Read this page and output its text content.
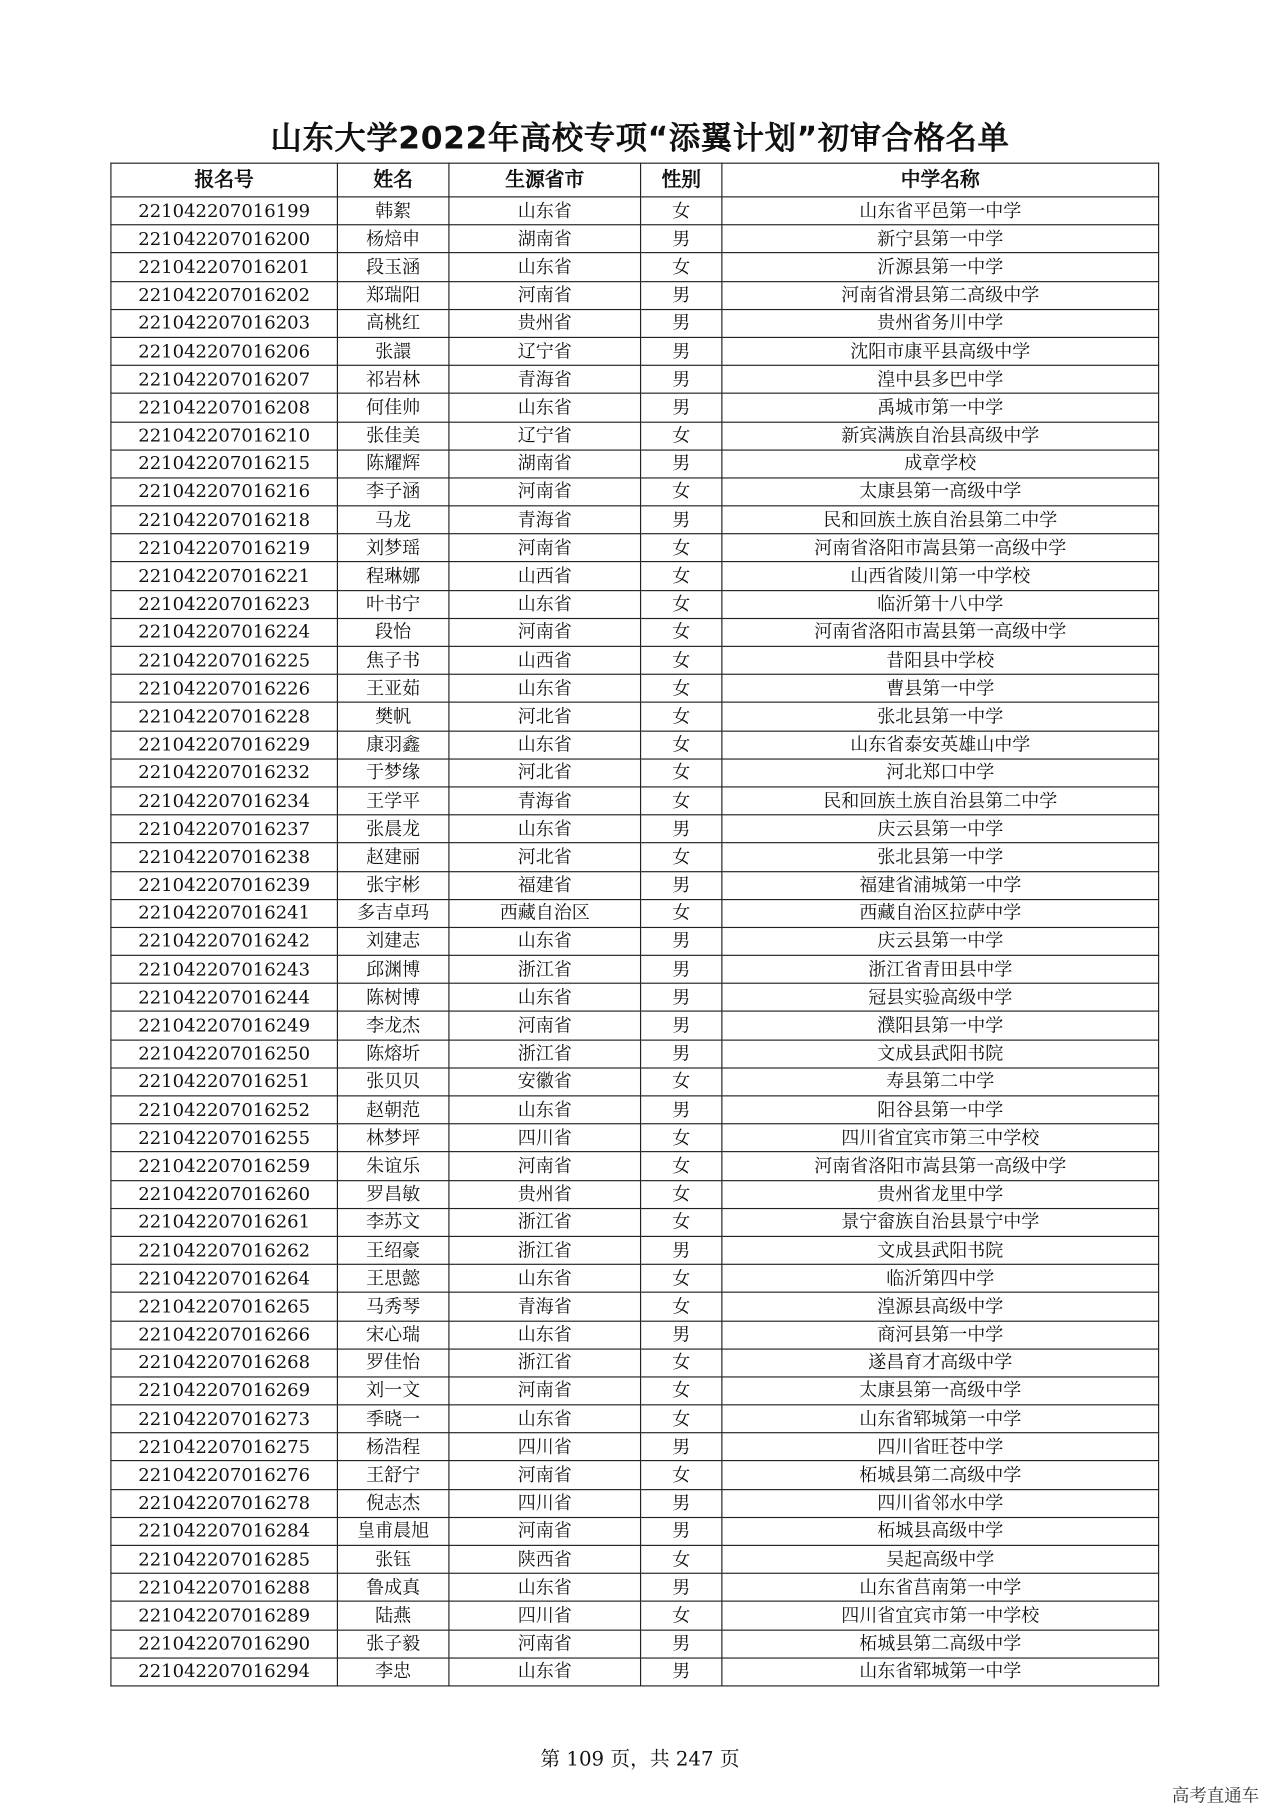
山东大学2022年高校专项“添翼计划”初审合格名单
报名号	姓名	生源省市	性别	中学名称
221042207016199	韩絮	山东省	女	山东省平邑第一中学
221042207016200	杨焙申	湖南省	男	新宁县第一中学
221042207016201	段玉涵	山东省	女	沂源县第一中学
221042207016202	郑瑞阳	河南省	男	河南省滑县第二高级中学
221042207016203	高桃红	贵州省	男	贵州省务川中学
221042207016206	张譞	辽宁省	男	沈阳市康平县高级中学
221042207016207	祁岩林	青海省	男	湟中县多巴中学
221042207016208	何佳帅	山东省	男	禹城市第一中学
221042207016210	张佳美	辽宁省	女	新宾满族自治县高级中学
221042207016215	陈耀辉	湖南省	男	成章学校
221042207016216	李子涵	河南省	女	太康县第一高级中学
221042207016218	马龙	青海省	男	民和回族土族自治县第二中学
221042207016219	刘梦瑶	河南省	女	河南省洛阳市嵩县第一高级中学
221042207016221	程琳娜	山西省	女	山西省陵川第一中学校
221042207016223	叶书宁	山东省	女	临沂第十八中学
221042207016224	段怡	河南省	女	河南省洛阳市嵩县第一高级中学
221042207016225	焦子书	山西省	女	昔阳县中学校
221042207016226	王亚茹	山东省	女	曹县第一中学
221042207016228	樊帆	河北省	女	张北县第一中学
221042207016229	康羽鑫	山东省	女	山东省泰安英雄山中学
221042207016232	于梦缘	河北省	女	河北郑口中学
221042207016234	王学平	青海省	女	民和回族土族自治县第二中学
221042207016237	张晨龙	山东省	男	庆云县第一中学
221042207016238	赵建丽	河北省	女	张北县第一中学
221042207016239	张宇彬	福建省	男	福建省浦城第一中学
221042207016241	多吉卓玛	西藏自治区	女	西藏自治区拉萨中学
221042207016242	刘建志	山东省	男	庆云县第一中学
221042207016243	邱渊博	浙江省	男	浙江省青田县中学
221042207016244	陈树博	山东省	男	冠县实验高级中学
221042207016249	李龙杰	河南省	男	濮阳县第一中学
221042207016250	陈熔圻	浙江省	男	文成县武阳书院
221042207016251	张贝贝	安徽省	女	寿县第二中学
221042207016252	赵朝范	山东省	男	阳谷县第一中学
221042207016255	林梦坪	四川省	女	四川省宜宾市第三中学校
221042207016259	朱谊乐	河南省	女	河南省洛阳市嵩县第一高级中学
221042207016260	罗昌敏	贵州省	女	贵州省龙里中学
221042207016261	李苏文	浙江省	女	景宁畲族自治县景宁中学
221042207016262	王绍豪	浙江省	男	文成县武阳书院
221042207016264	王思懿	山东省	女	临沂第四中学
221042207016265	马秀琴	青海省	女	湟源县高级中学
221042207016266	宋心瑞	山东省	男	商河县第一中学
221042207016268	罗佳怡	浙江省	女	遂昌育才高级中学
221042207016269	刘一文	河南省	女	太康县第一高级中学
221042207016273	季晓一	山东省	女	山东省郓城第一中学
221042207016275	杨浩程	四川省	男	四川省旺苍中学
221042207016276	王舒宁	河南省	女	柘城县第二高级中学
221042207016278	倪志杰	四川省	男	四川省邻水中学
221042207016284	皇甫晨旭	河南省	男	柘城县高级中学
221042207016285	张钰	陕西省	女	吴起高级中学
221042207016288	鲁成真	山东省	男	山东省莒南第一中学
221042207016289	陆燕	四川省	女	四川省宜宾市第一中学校
221042207016290	张子毅	河南省	男	柘城县第二高级中学
221042207016294	李忠	山东省	男	山东省郓城第一中学
第 109 页，共 247 页
高考直通车
